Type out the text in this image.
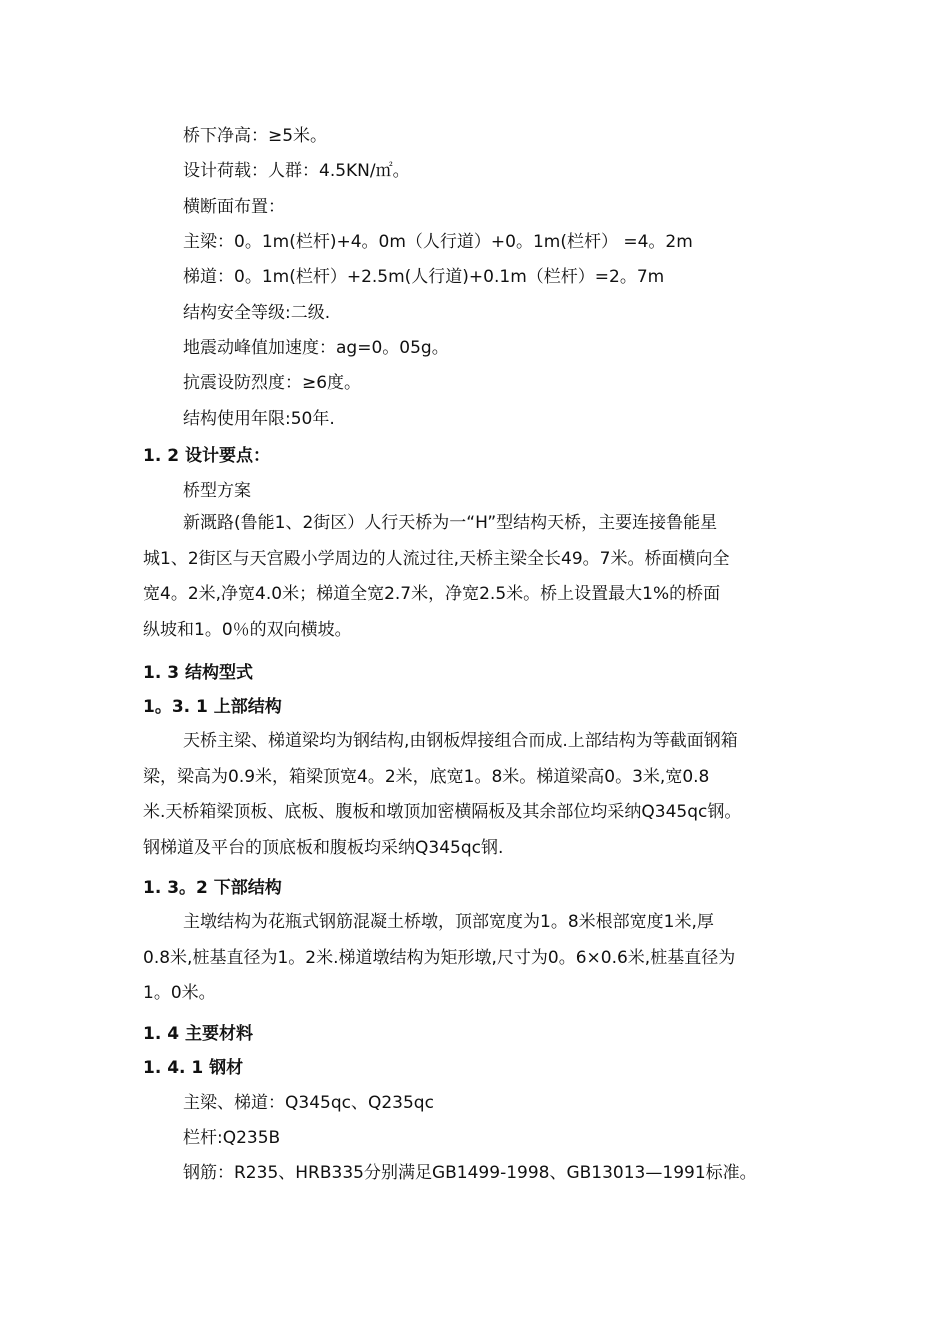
桥下净高：≥5米。
设计荷载：人群：4.5KN/㎡。
横断面布置：
主梁：0。1m(栏杆)+4。0m（人行道）+0。1m(栏杆） =4。2m
梯道：0。1m(栏杆）+2.5m(人行道)+0.1m（栏杆）=2。7m
结构安全等级:二级.
地震动峰值加速度：ag=0。05g。
抗震设防烈度：≥6度。
结构使用年限:50年.
1. 2 设计要点：
桥型方案
新溉路(鲁能1、2街区）人行天桥为一“H”型结构天桥，主要连接鲁能星
城1、2街区与天宫殿小学周边的人流过往,天桥主梁全长49。7米。桥面横向全
宽4。2米,净宽4.0米；梯道全宽2.7米，净宽2.5米。桥上设置最大1%的桥面
纵坡和1。0％的双向横坡。
1. 3 结构型式
1。3. 1 上部结构
天桥主梁、梯道梁均为钢结构,由钢板焊接组合而成.上部结构为等截面钢箱
梁，梁高为0.9米，箱梁顶宽4。2米，底宽1。8米。梯道梁高0。3米,宽0.8
米.天桥箱梁顶板、底板、腹板和墩顶加密横隔板及其余部位均采纳Q345qc钢。
钢梯道及平台的顶底板和腹板均采纳Q345qc钢.
1. 3。2 下部结构
主墩结构为花瓶式钢筋混凝土桥墩，顶部宽度为1。8米根部宽度1米,厚
0.8米,桩基直径为1。2米.梯道墩结构为矩形墩,尺寸为0。6×0.6米,桩基直径为
1。0米。
1. 4 主要材料
1. 4. 1 钢材
主梁、梯道：Q345qc、Q235qc
栏杆:Q235B
钢筋：R235、HRB335分别满足GB1499-1998、GB13013—1991标准。
